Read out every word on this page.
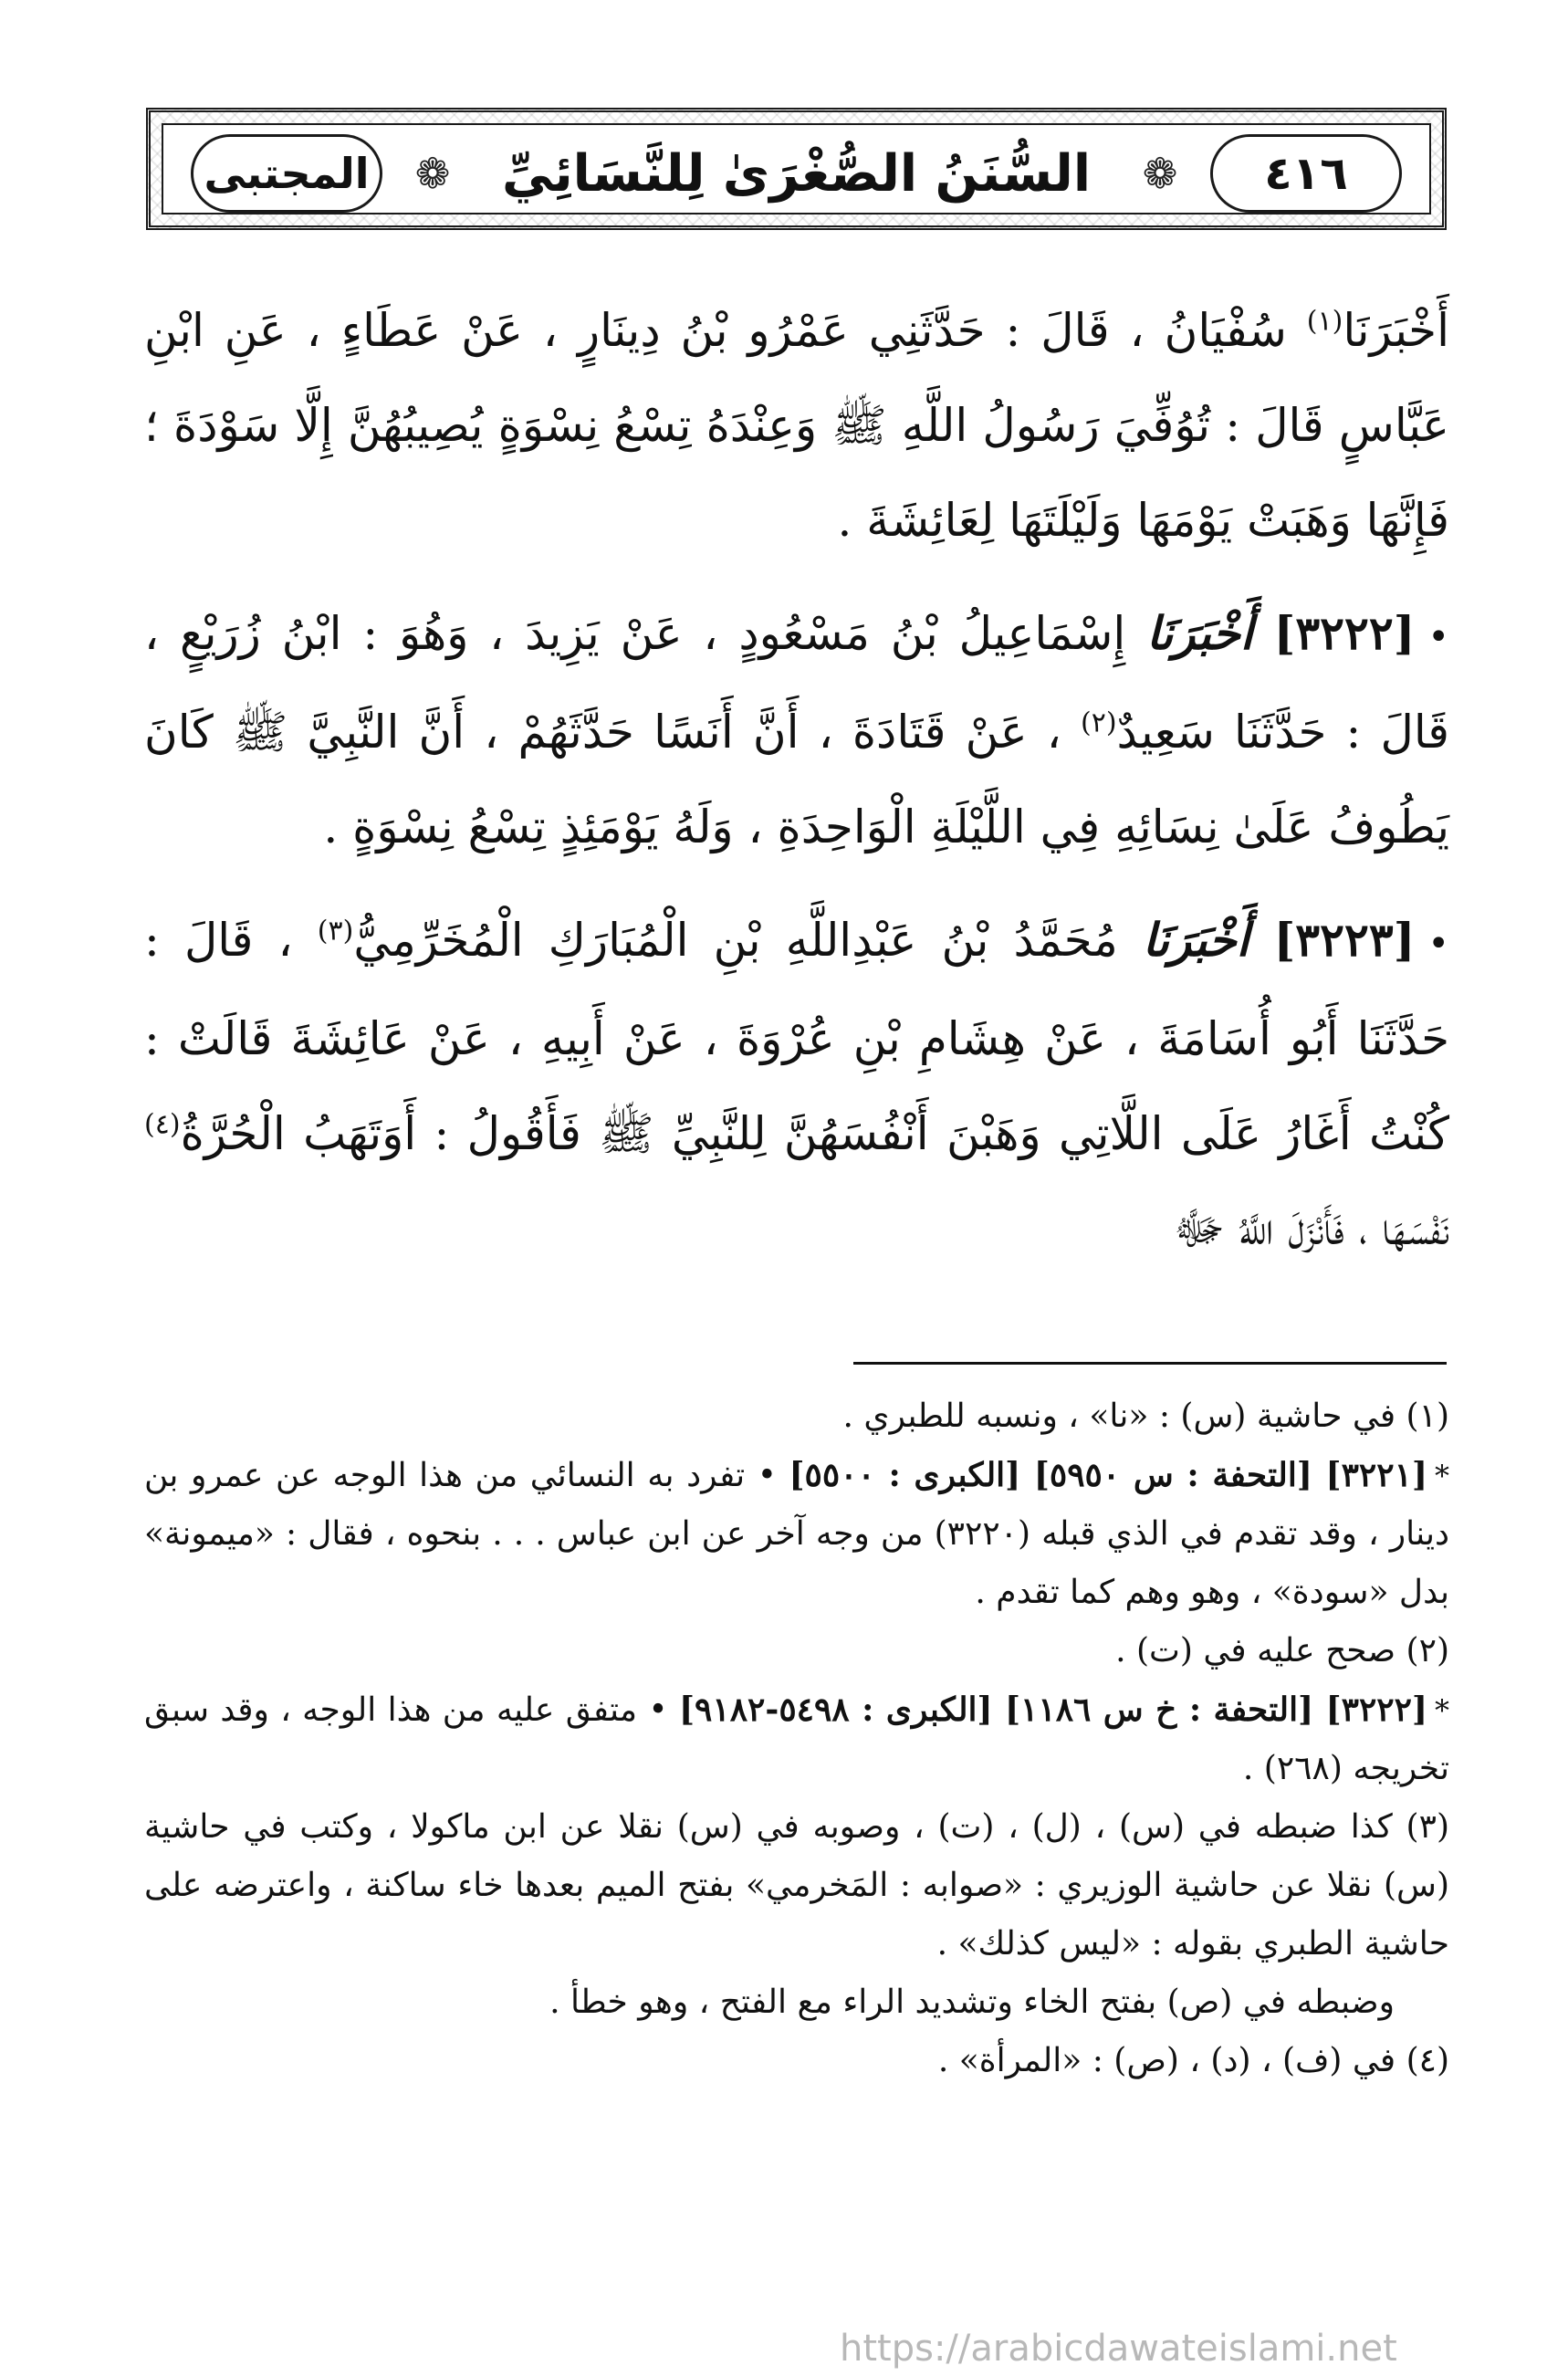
٤١٦
❁
السُّنَنُ الصُّغْرَىٰ لِلنَّسَائِيِّ
❁
المجتبى

أَخْبَرَنَا$^{(١)}$ سُفْيَانُ ، قَالَ : حَدَّثَنِي عَمْرُو بْنُ دِينَارٍ ، عَنْ عَطَاءٍ ، عَنِ ابْنِ عَبَّاسٍ قَالَ : تُوُفِّيَ رَسُولُ اللَّهِ ﷺ وَعِنْدَهُ تِسْعُ نِسْوَةٍ يُصِيبُهُنَّ إِلَّا سَوْدَةَ ؛ فَإِنَّهَا وَهَبَتْ يَوْمَهَا وَلَيْلَتَهَا لِعَائِشَةَ .

•[٣٢٢٢] أَخْبَرَنَا إِسْمَاعِيلُ بْنُ مَسْعُودٍ ، عَنْ يَزِيدَ ، وَهُوَ : ابْنُ زُرَيْعٍ ، قَالَ : حَدَّثَنَا سَعِيدٌ$^{(٢)}$ ، عَنْ قَتَادَةَ ، أَنَّ أَنَسًا حَدَّثَهُمْ ، أَنَّ النَّبِيَّ ﷺ كَانَ يَطُوفُ عَلَىٰ نِسَائِهِ فِي اللَّيْلَةِ الْوَاحِدَةِ ، وَلَهُ يَوْمَئِذٍ تِسْعُ نِسْوَةٍ .

•[٣٢٢٣] أَخْبَرَنَا مُحَمَّدُ بْنُ عَبْدِاللَّهِ بْنِ الْمُبَارَكِ الْمُخَرِّمِيُّ$^{(٣)}$ ، قَالَ : حَدَّثَنَا أَبُو أُسَامَةَ ، عَنْ هِشَامِ بْنِ عُرْوَةَ ، عَنْ أَبِيهِ ، عَنْ عَائِشَةَ قَالَتْ : كُنْتُ أَغَارُ عَلَى اللَّاتِي وَهَبْنَ أَنْفُسَهُنَّ لِلنَّبِيِّ ﷺ فَأَقُولُ : أَوَتَهَبُ الْحُرَّةُ$^{(٤)}$ نَفْسَهَا ، فَأَنْزَلَ اللَّهُ ﷻ

(١) في حاشية (س) : «نا» ، ونسبه للطبري .

*[٣٢٢١] [التحفة : س ٥٩٥٠] [الكبرى : ٥٥٠٠] • تفرد به النسائي من هذا الوجه عن عمرو بن دينار ، وقد تقدم في الذي قبله (٣٢٢٠) من وجه آخر عن ابن عباس . . . بنحوه ، فقال : «ميمونة» بدل «سودة» ، وهو وهم كما تقدم .

(٢) صحح عليه في (ت) .

*[٣٢٢٢] [التحفة : خ س ١١٨٦] [الكبرى : ٥٤٩٨-٩١٨٢] • متفق عليه من هذا الوجه ، وقد سبق تخريجه (٢٦٨) .

(٣) كذا ضبطه في (س) ، (ل) ، (ت) ، وصوبه في (س) نقلا عن ابن ماكولا ، وكتب في حاشية (س) نقلا عن حاشية الوزيري : «صوابه : المَخرمي» بفتح الميم بعدها خاء ساكنة ، واعترضه على حاشية الطبري بقوله : «ليس كذلك» .

وضبطه في (ص) بفتح الخاء وتشديد الراء مع الفتح ، وهو خطأ .

(٤) في (ف) ، (د) ، (ص) : «المرأة» .

https://arabicdawateislami.net
